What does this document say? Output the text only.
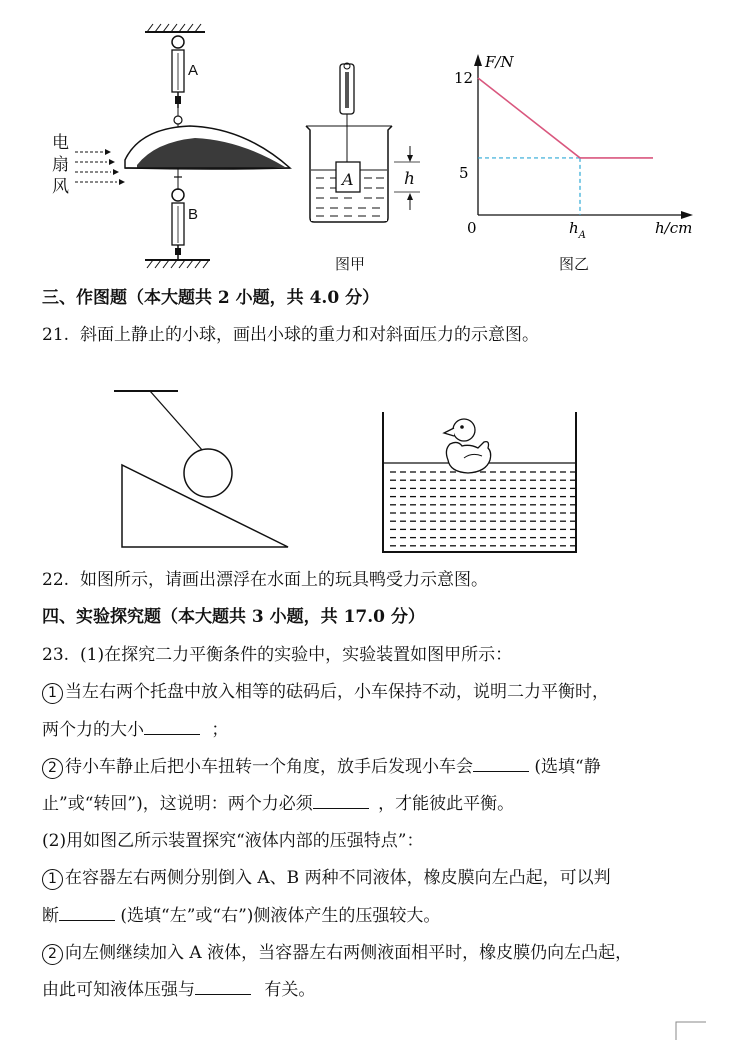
电
扇
风
A
B
A	h
图甲
12
5
F/N
0	$h_A$	h/cm
图乙
三、作图题（本大题共 2 小题，共 4.0 分）
21. 斜面上静止的小球，画出小球的重力和对斜面压力的示意图。
22. 如图所示，请画出漂浮在水面上的玩具鸭受力示意图。
四、实验探究题（本大题共 3 小题，共 17.0 分）
23. (1)在探究二力平衡条件的实验中，实验装置如图甲所示：
1 当左右两个托盘中放入相等的砝码后，小车保持不动，说明二力平衡时，
两个力的大小	；
2 待小车静止后把小车扭转一个角度，放手后发现小车会	(选填“静
止”或“转回”)，这说明：两个力必须	，才能彼此平衡。
(2)用如图乙所示装置探究“液体内部的压强特点”：
1 在容器左右两侧分别倒入 A、B 两种不同液体，橡皮膜向左凸起，可以判
断	(选填“左”或“右”)侧液体产生的压强较大。
2 向左侧继续加入 A 液体，当容器左右两侧液面相平时，橡皮膜仍向左凸起，
由此可知液体压强与	有关。
